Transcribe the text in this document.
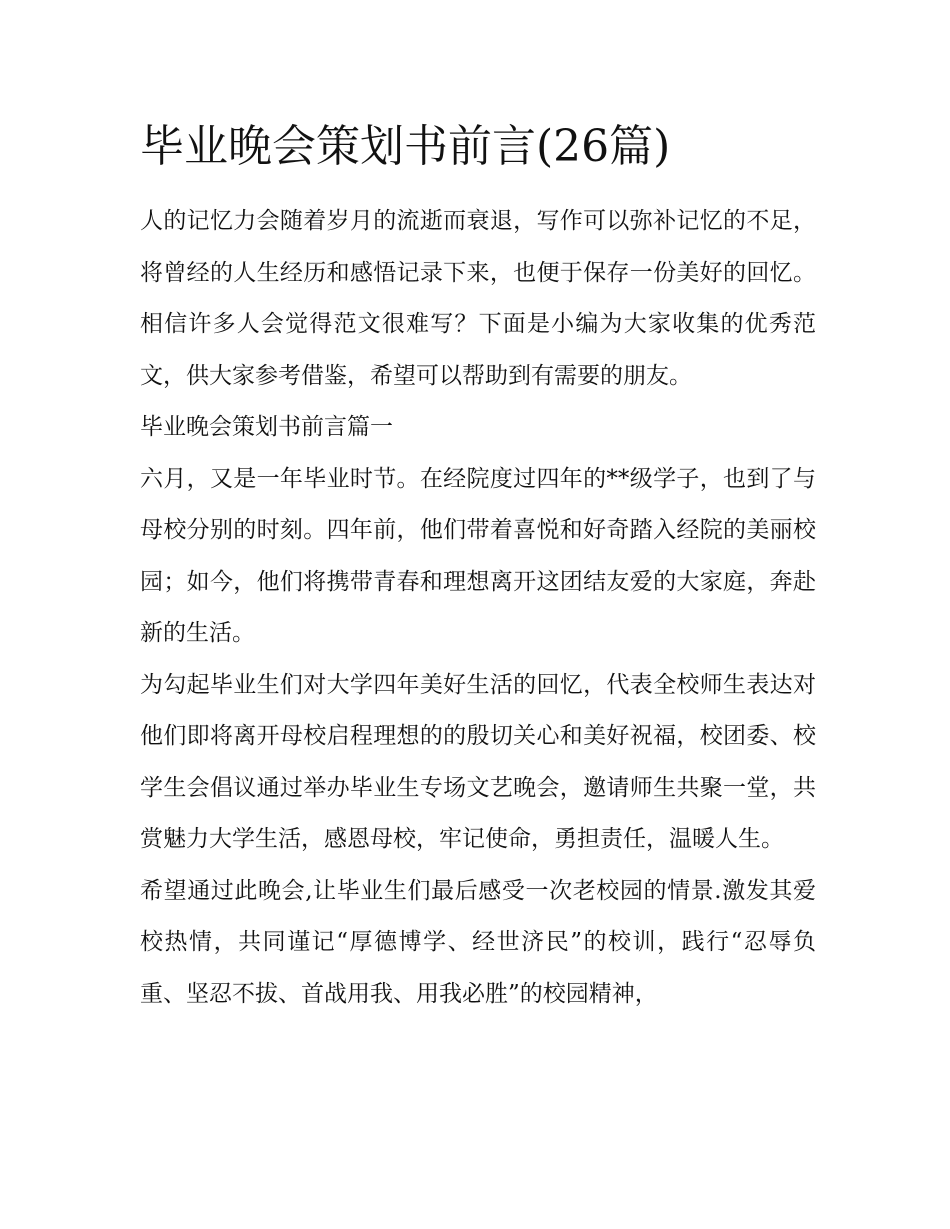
毕业晚会策划书前言(26篇)

人的记忆力会随着岁月的流逝而衰退，写作可以弥补记忆的不足，将曾经的人生经历和感悟记录下来，也便于保存一份美好的回忆。相信许多人会觉得范文很难写？下面是小编为大家收集的优秀范文，供大家参考借鉴，希望可以帮助到有需要的朋友。

毕业晚会策划书前言篇一

六月，又是一年毕业时节。在经院度过四年的**级学子，也到了与母校分别的时刻。四年前，他们带着喜悦和好奇踏入经院的美丽校园；如今，他们将携带青春和理想离开这团结友爱的大家庭，奔赴新的生活。

为勾起毕业生们对大学四年美好生活的回忆，代表全校师生表达对他们即将离开母校启程理想的的殷切关心和美好祝福，校团委、校学生会倡议通过举办毕业生专场文艺晚会，邀请师生共聚一堂，共赏魅力大学生活，感恩母校，牢记使命，勇担责任，温暖人生。

希望通过此晚会,让毕业生们最后感受一次老校园的情景.激发其爱校热情，共同谨记“厚德博学、经世济民”的校训，践行“忍辱负重、坚忍不拔、首战用我、用我必胜”的校园精神，
